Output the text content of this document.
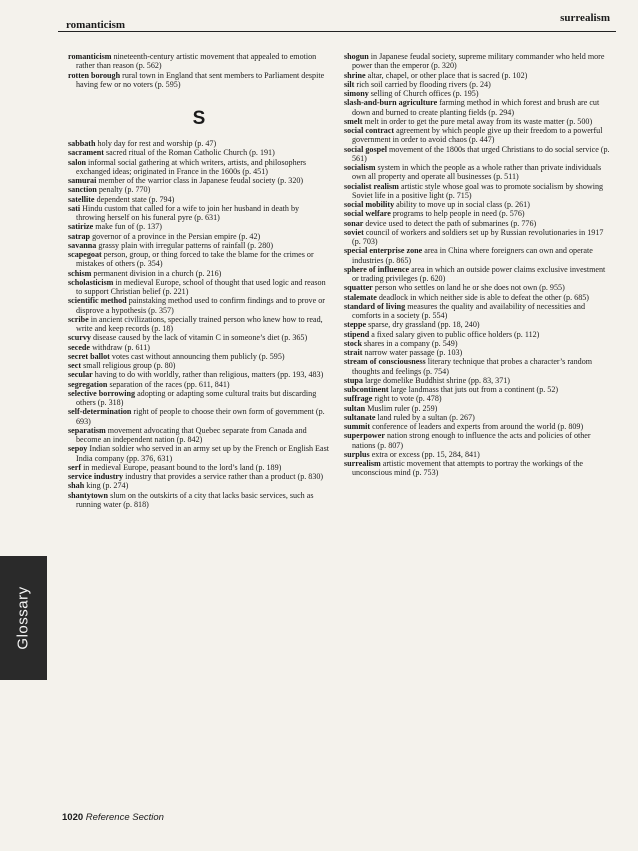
romanticism
surrealism

romanticism nineteenth-century artistic movement that appealed to emotion rather than reason (p. 562)

rotten borough rural town in England that sent members to Parliament despite having few or no voters (p. 595)

S

sabbath holy day for rest and worship (p. 47)

sacrament sacred ritual of the Roman Catholic Church (p. 191)

salon informal social gathering at which writers, artists, and philosophers exchanged ideas; originated in France in the 1600s (p. 451)

samurai member of the warrior class in Japanese feudal society (p. 320)

sanction penalty (p. 770)

satellite dependent state (p. 794)

sati Hindu custom that called for a wife to join her husband in death by throwing herself on his funeral pyre (p. 631)

satirize make fun of (p. 137)

satrap governor of a province in the Persian empire (p. 42)

savanna grassy plain with irregular patterns of rainfall (p. 280)

scapegoat person, group, or thing forced to take the blame for the crimes or mistakes of others (p. 354)

schism permanent division in a church (p. 216)

scholasticism in medieval Europe, school of thought that used logic and reason to support Christian belief (p. 221)

scientific method painstaking method used to confirm findings and to prove or disprove a hypothesis (p. 357)

scribe in ancient civilizations, specially trained person who knew how to read, write and keep records (p. 18)

scurvy disease caused by the lack of vitamin C in someone’s diet (p. 365)

secede withdraw (p. 611)

secret ballot votes cast without announcing them publicly (p. 595)

sect small religious group (p. 80)

secular having to do with worldly, rather than religious, matters (pp. 193, 483)

segregation separation of the races (pp. 611, 841)

selective borrowing adopting or adapting some cultural traits but discarding others (p. 318)

self-determination right of people to choose their own form of government (p. 693)

separatism movement advocating that Quebec separate from Canada and become an independent nation (p. 842)

sepoy Indian soldier who served in an army set up by the French or English East India company (pp. 376, 631)

serf in medieval Europe, peasant bound to the lord’s land (p. 189)

service industry industry that provides a service rather than a product (p. 830)

shah king (p. 274)

shantytown slum on the outskirts of a city that lacks basic services, such as running water (p. 818)

shogun in Japanese feudal society, supreme military commander who held more power than the emperor (p. 320)

shrine altar, chapel, or other place that is sacred (p. 102)

silt rich soil carried by flooding rivers (p. 24)

simony selling of Church offices (p. 195)

slash-and-burn agriculture farming method in which forest and brush are cut down and burned to create planting fields (p. 294)

smelt melt in order to get the pure metal away from its waste matter (p. 500)

social contract agreement by which people give up their freedom to a powerful government in order to avoid chaos (p. 447)

social gospel movement of the 1800s that urged Christians to do social service (p. 561)

socialism system in which the people as a whole rather than private individuals own all property and operate all businesses (p. 511)

socialist realism artistic style whose goal was to promote socialism by showing Soviet life in a positive light (p. 715)

social mobility ability to move up in social class (p. 261)

social welfare programs to help people in need (p. 576)

sonar device used to detect the path of submarines (p. 776)

soviet council of workers and soldiers set up by Russian revolutionaries in 1917 (p. 703)

special enterprise zone area in China where foreigners can own and operate industries (p. 865)

sphere of influence area in which an outside power claims exclusive investment or trading privileges (p. 620)

squatter person who settles on land he or she does not own (p. 955)

stalemate deadlock in which neither side is able to defeat the other (p. 685)

standard of living measures the quality and availability of necessities and comforts in a society (p. 554)

steppe sparse, dry grassland (pp. 18, 240)

stipend a fixed salary given to public office holders (p. 112)

stock shares in a company (p. 549)

strait narrow water passage (p. 103)

stream of consciousness literary technique that probes a character’s random thoughts and feelings (p. 754)

stupa large domelike Buddhist shrine (pp. 83, 371)

subcontinent large landmass that juts out from a continent (p. 52)

suffrage right to vote (p. 478)

sultan Muslim ruler (p. 259)

sultanate land ruled by a sultan (p. 267)

summit conference of leaders and experts from around the world (p. 809)

superpower nation strong enough to influence the acts and policies of other nations (p. 807)

surplus extra or excess (pp. 15, 284, 841)

surrealism artistic movement that attempts to portray the workings of the unconscious mind (p. 753)

Glossary
1020 Reference Section
